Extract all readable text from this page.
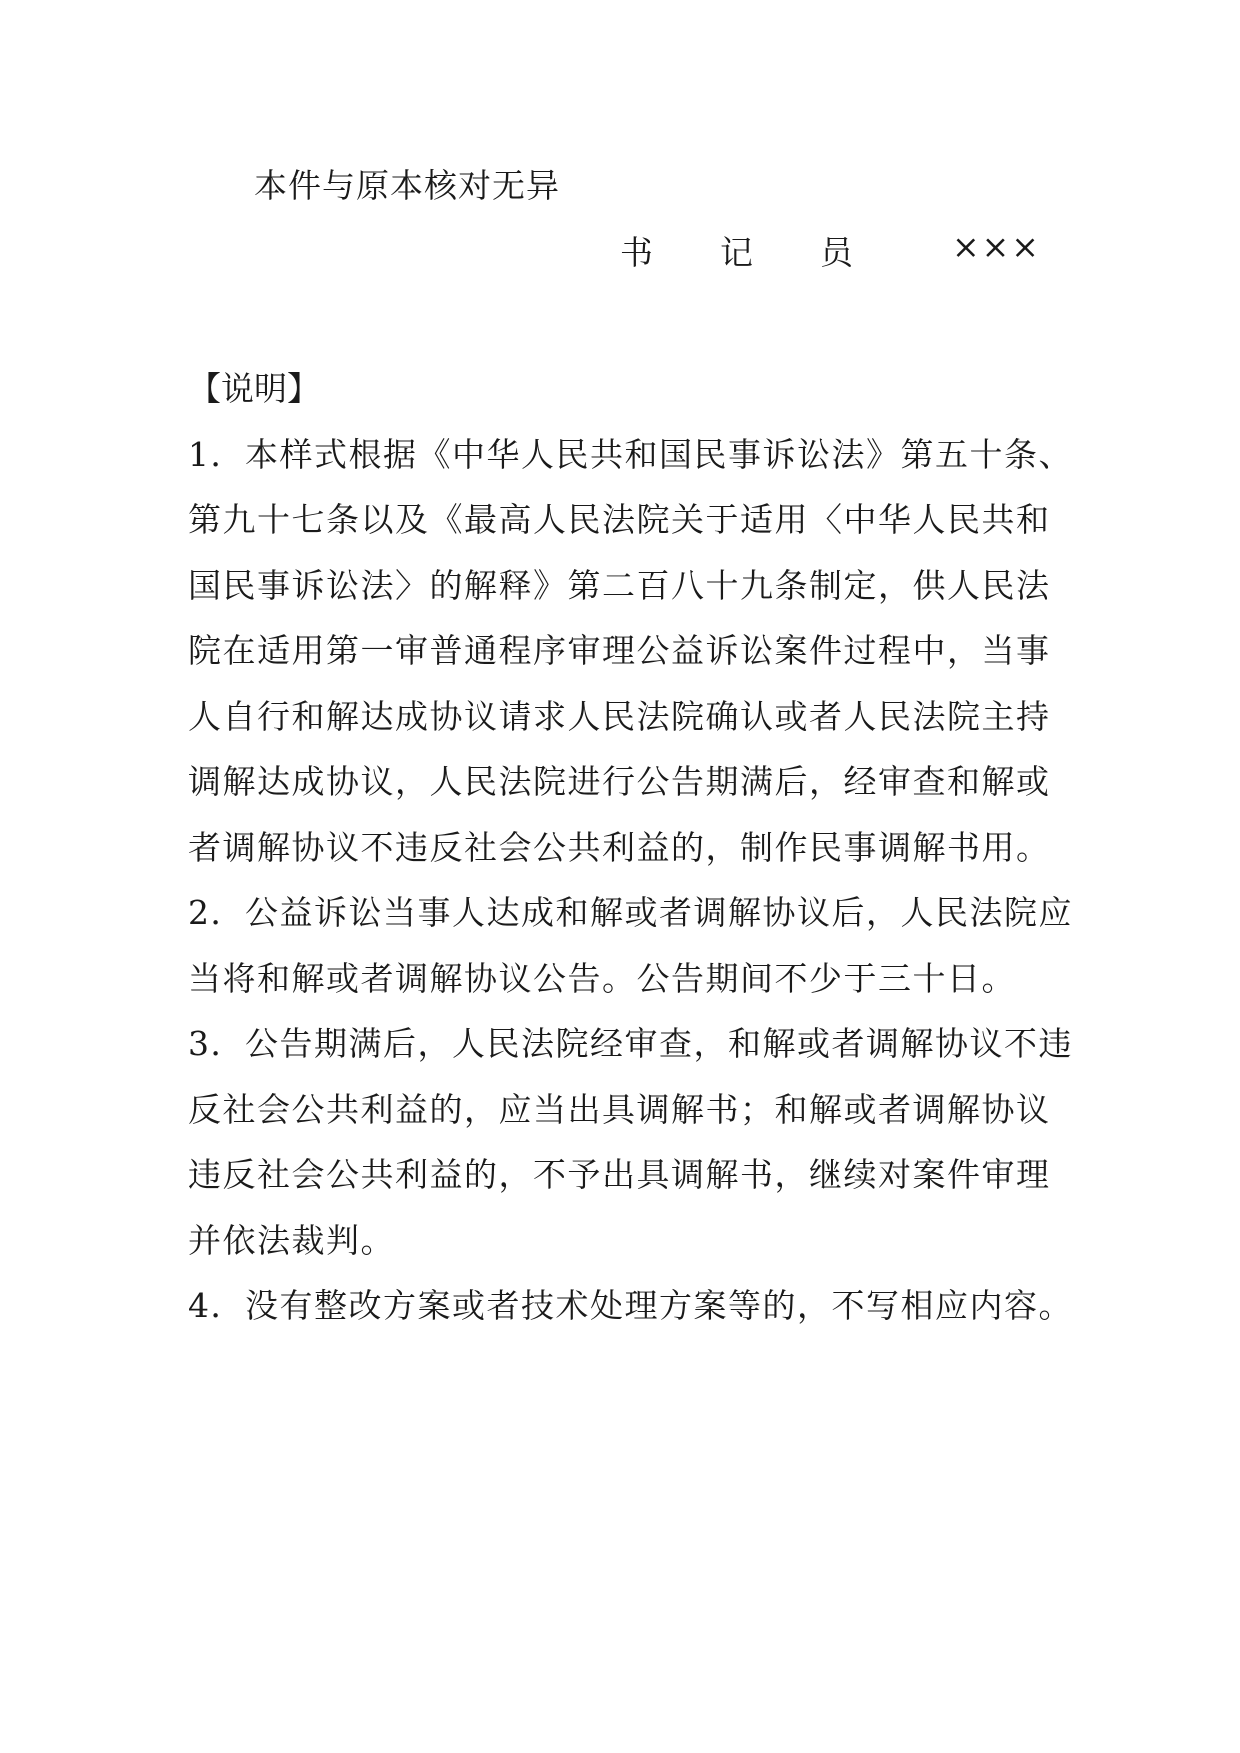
本件与原本核对无异
书 记 员	×××

【说明】

1．本样式根据《中华人民共和国民事诉讼法》第五十条、

第九十七条以及《最高人民法院关于适用〈中华人民共和

国民事诉讼法〉的解释》第二百八十九条制定，供人民法

院在适用第一审普通程序审理公益诉讼案件过程中，当事

人自行和解达成协议请求人民法院确认或者人民法院主持

调解达成协议，人民法院进行公告期满后，经审查和解或

者调解协议不违反社会公共利益的，制作民事调解书用。

2．公益诉讼当事人达成和解或者调解协议后，人民法院应

当将和解或者调解协议公告。公告期间不少于三十日。

3．公告期满后，人民法院经审查，和解或者调解协议不违

反社会公共利益的，应当出具调解书；和解或者调解协议

违反社会公共利益的，不予出具调解书，继续对案件审理

并依法裁判。

4．没有整改方案或者技术处理方案等的，不写相应内容。
